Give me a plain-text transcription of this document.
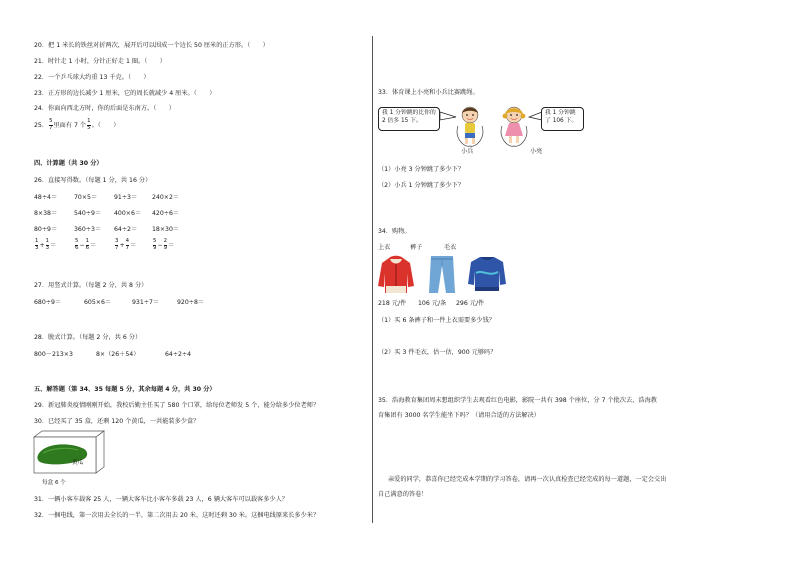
20．把 1 米长的铁丝对折两次，展开后可以围成一个边长 50 厘米的正方形。（　　）
21．时针走 1 小时，分针正好走 1 圈。（　　）
22．一个乒乓球大约重 13 千克。（　　）
23．正方形的边长减少 1 厘米，它的周长就减少 4 厘米。（　　）
24．你面向西北方时，你的后面是东南方。（　　）
25． $\frac{5}{7}$ 里面有 7 个 $\frac{1}{5}$ 。（　　）
四、计算题（共 30 分）
26．直接写得数。（每题 1 分，共 16 分）
48÷4＝	70×5＝	91÷3＝ 240×2＝
8×38＝	540÷9＝ 400×6＝ 420÷6＝
80÷9＝	360÷3＝ 64÷2＝ 18×30＝
$\frac{1}{3} + \frac{1}{3}$ ＝	$\frac{5}{6} - \frac{1}{6}$ ＝	$\frac{3}{7} + \frac{4}{7}$ ＝	$\frac{5}{9} - \frac{2}{9}$ ＝
27．用竖式计算。（每题 2 分，共 8 分）
680÷9＝	605×6＝	931÷7＝	920÷8＝
28．脱式计算。（每题 2 分，共 6 分）
800－213×3	8×（26＋54）	64÷2÷4
五、解答题（第 34、35 每题 5 分，其余每题 4 分，共 30 分）
29．新冠肺炎疫情刚刚开始，我校后勤主任买了 580 个口罩，给每位老师发 5 个，能分给多少位老师？
30．已经买了 35 盒，还剩 120 个黄瓜，一共能装多少盒？
黄瓜
每盒 6 个
31．一辆小客车载客 25 人，一辆大客车比小客车多载 23 人，6 辆大客车可以载客多少人？
32．一捆电线，第一次用去全长的一半，第二次用去 20 米，这时还剩 30 米。这捆电线原来长多少米？
33．体育课上小亮和小兵比赛跳绳。
我 1 分钟跳的比你的 2 倍多 15 下。
我 1 分钟跳了 106 下。
小兵	小亮
（1）小亮 3 分钟跳了多少下？
（2）小兵 1 分钟跳了多少下？
34．购物。
上衣	裤子	毛衣
218 元/件 106 元/条 296 元/件
（1）买 6 条裤子和一件上衣需要多少钱？
（2）买 3 件毛衣，估一估，900 元够吗？
35．浩海教育集团周末想组织学生去观看红色电影，影院一共有 398 个座位，分 7 个批次去，浩海教
育集团有 3000 名学生能坐下吗？（请用合适的方法解决）
亲爱的同学，恭喜你已经完成本学期的学习答卷，请再一次认真检查已经完成的每一道题，一定会交出
自己满意的答卷！
